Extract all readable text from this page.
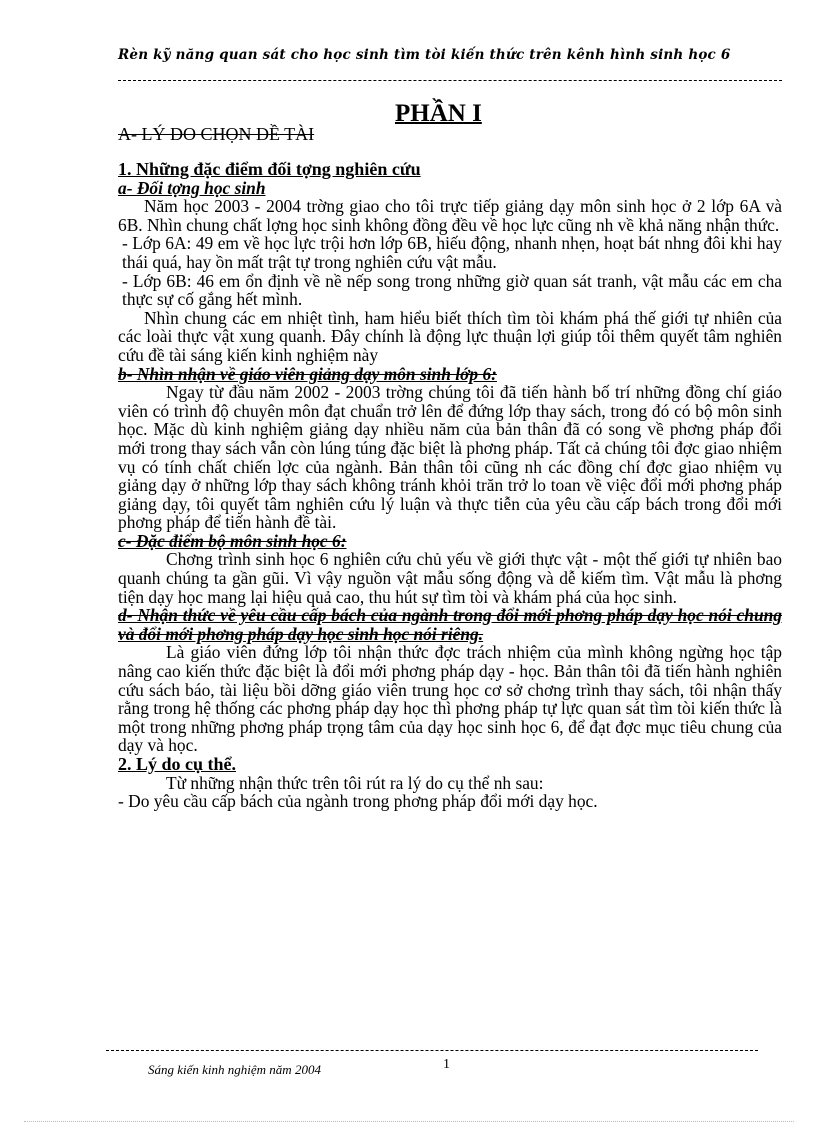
Rèn kỹ năng quan sát cho học sinh tìm tòi kiến thức trên kênh hình sinh học 6
PHẦN I
A- LÝ DO CHỌN ĐỀ TÀI
1. Những đặc điểm đối tợng nghiên cứu
a- Đối tợng học sinh

Năm học 2003 - 2004 trờng giao cho tôi trực tiếp giảng dạy môn sinh học ở 2 lớp 6A và 6B. Nhìn chung chất lợng học sinh không đồng đều về học lực cũng nh về khả năng nhận thức.

- Lớp 6A: 49 em về học lực trội hơn lớp 6B, hiếu động, nhanh nhẹn, hoạt bát nhng đôi khi hay thái quá, hay ồn mất trật tự trong nghiên cứu vật mẫu.

- Lớp 6B: 46 em ổn định về nề nếp song trong những giờ quan sát tranh, vật mẫu các em cha thực sự cố gắng hết mình.

Nhìn chung các em nhiệt tình, ham hiểu biết thích tìm tòi khám phá thế giới tự nhiên của các loài thực vật xung quanh. Đây chính là động lực thuận lợi giúp tôi thêm quyết tâm nghiên cứu đề tài sáng kiến kinh nghiệm này

b- Nhìn nhận về giáo viên giảng dạy môn sinh lớp 6:

Ngay từ đầu năm 2002 - 2003 trờng chúng tôi đã tiến hành bố trí những đồng chí giáo viên có trình độ chuyên môn đạt chuẩn trở lên để đứng lớp thay sách, trong đó có bộ môn sinh học. Mặc dù kinh nghiệm giảng dạy nhiều năm của bản thân đã có song về phơng pháp đổi mới trong thay sách vẫn còn lúng túng đặc biệt là phơng pháp. Tất cả chúng tôi đợc giao nhiệm vụ có tính chất chiến lợc của ngành. Bản thân tôi cũng nh các đồng chí đợc giao nhiệm vụ giảng dạy ở những lớp thay sách không tránh khỏi trăn trở lo toan về việc đổi mới phơng pháp giảng dạy, tôi quyết tâm nghiên cứu lý luận và thực tiễn của yêu cầu cấp bách trong đổi mới phơng pháp để tiến hành đề tài.

c- Đặc điểm bộ môn sinh học 6:

Chơng trình sinh học 6 nghiên cứu chủ yếu về giới thực vật - một thế giới tự nhiên bao quanh chúng ta gần gũi. Vì vậy nguồn vật mẫu sống động và dễ kiếm tìm. Vật mẫu là phơng tiện dạy học mang lại hiệu quả cao, thu hút sự tìm tòi và khám phá của học sinh.

d- Nhận thức về yêu cầu cấp bách của ngành trong đổi mới phơng pháp dạy học nói chung và đổi mới phơng pháp dạy học sinh học nói riêng.

Là giáo viên đứng lớp tôi nhận thức đợc trách nhiệm của mình không ngừng học tập nâng cao kiến thức đặc biệt là đổi mới phơng pháp dạy - học. Bản thân tôi đã tiến hành nghiên cứu sách báo, tài liệu bồi dỡng giáo viên trung học cơ sở chơng trình thay sách, tôi nhận thấy rằng trong hệ thống các phơng pháp dạy học thì phơng pháp tự lực quan sát tìm tòi kiến thức là một trong những phơng pháp trọng tâm của dạy học sinh học 6, để đạt đợc mục tiêu chung của dạy và học.

2. Lý do cụ thể.

Từ những nhận thức trên tôi rút ra lý do cụ thể nh sau:

- Do yêu cầu cấp bách của ngành trong phơng pháp đổi mới dạy học.

Sáng kiến kinh nghiệm năm 2004	1
